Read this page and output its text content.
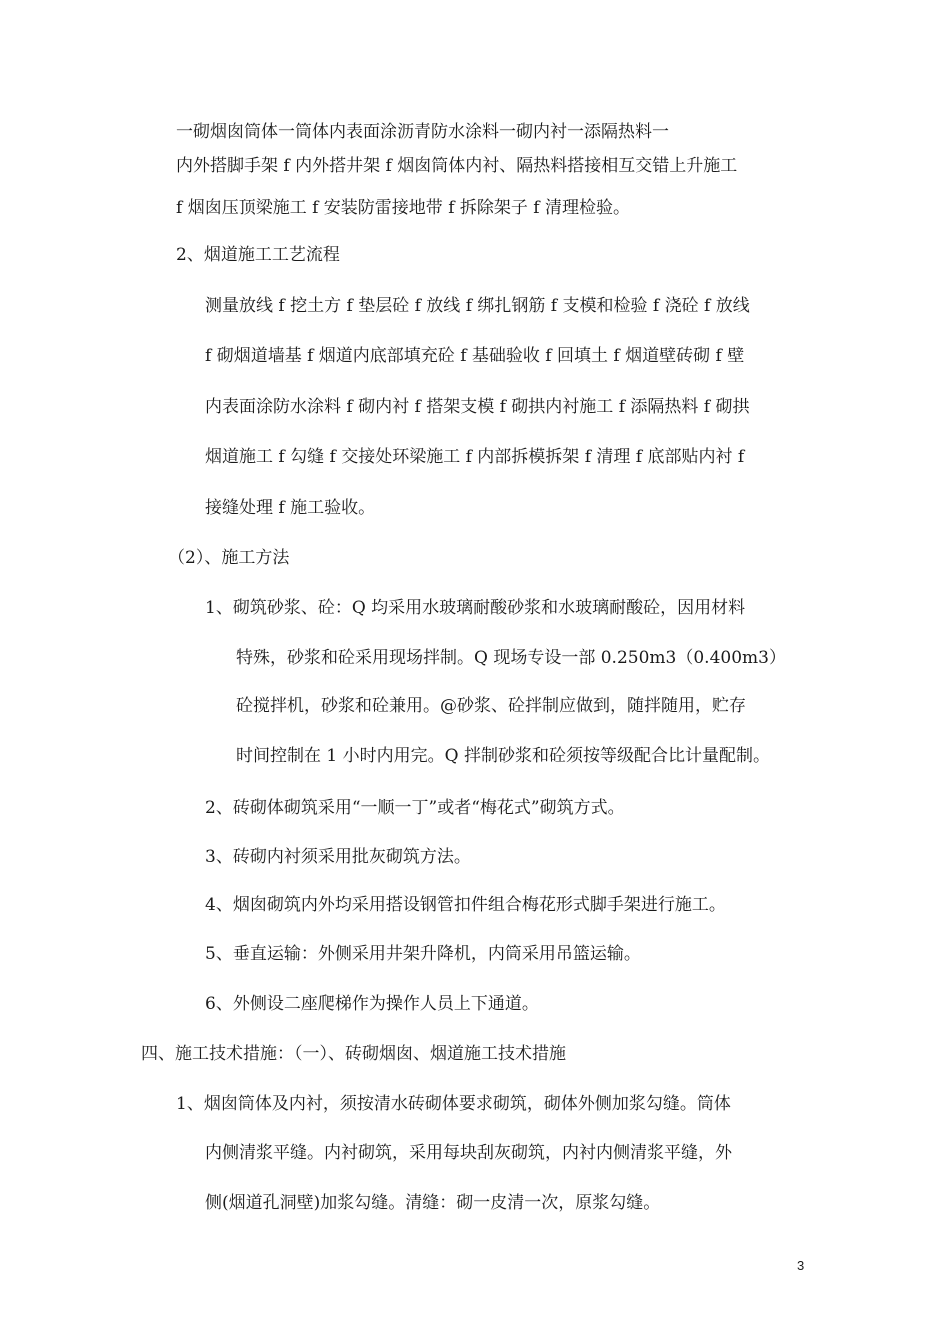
一砌烟囱筒体一筒体内表面涂沥青防水涂料一砌内衬一添隔热料一
内外搭脚手架 f 内外搭井架 f 烟囱筒体内衬、隔热料搭接相互交错上升施工
f 烟囱压顶梁施工 f 安装防雷接地带 f 拆除架子 f 清理检验。
2、烟道施工工艺流程
测量放线 f 挖土方 f 垫层砼 f 放线 f 绑扎钢筋 f 支模和检验 f 浇砼 f 放线
f 砌烟道墙基 f 烟道内底部填充砼 f 基础验收 f 回填土 f 烟道壁砖砌 f 壁
内表面涂防水涂料 f 砌内衬 f 搭架支模 f 砌拱内衬施工 f 添隔热料 f 砌拱
烟道施工 f 勾缝 f 交接处环梁施工 f 内部拆模拆架 f 清理 f 底部贴内衬 f
接缝处理 f 施工验收。
（2）、施工方法
1、砌筑砂浆、砼：Q 均采用水玻璃耐酸砂浆和水玻璃耐酸砼，因用材料
特殊，砂浆和砼采用现场拌制。Q 现场专设一部 0.250m3（0.400m3）
砼搅拌机，砂浆和砼兼用。@砂浆、砼拌制应做到，随拌随用，贮存
时间控制在 1 小时内用完。Q 拌制砂浆和砼须按等级配合比计量配制。
2、砖砌体砌筑采用“一顺一丁”或者“梅花式”砌筑方式。
3、砖砌内衬须采用批灰砌筑方法。
4、烟囱砌筑内外均采用搭设钢管扣件组合梅花形式脚手架进行施工。
5、垂直运输：外侧采用井架升降机，内筒采用吊篮运输。
6、外侧设二座爬梯作为操作人员上下通道。
四、施工技术措施：（一）、砖砌烟囱、烟道施工技术措施
1、烟囱筒体及内衬，须按清水砖砌体要求砌筑，砌体外侧加浆勾缝。筒体
内侧清浆平缝。内衬砌筑，采用每块刮灰砌筑，内衬内侧清浆平缝，外
侧(烟道孔洞壁)加浆勾缝。清缝：砌一皮清一次，原浆勾缝。
3
